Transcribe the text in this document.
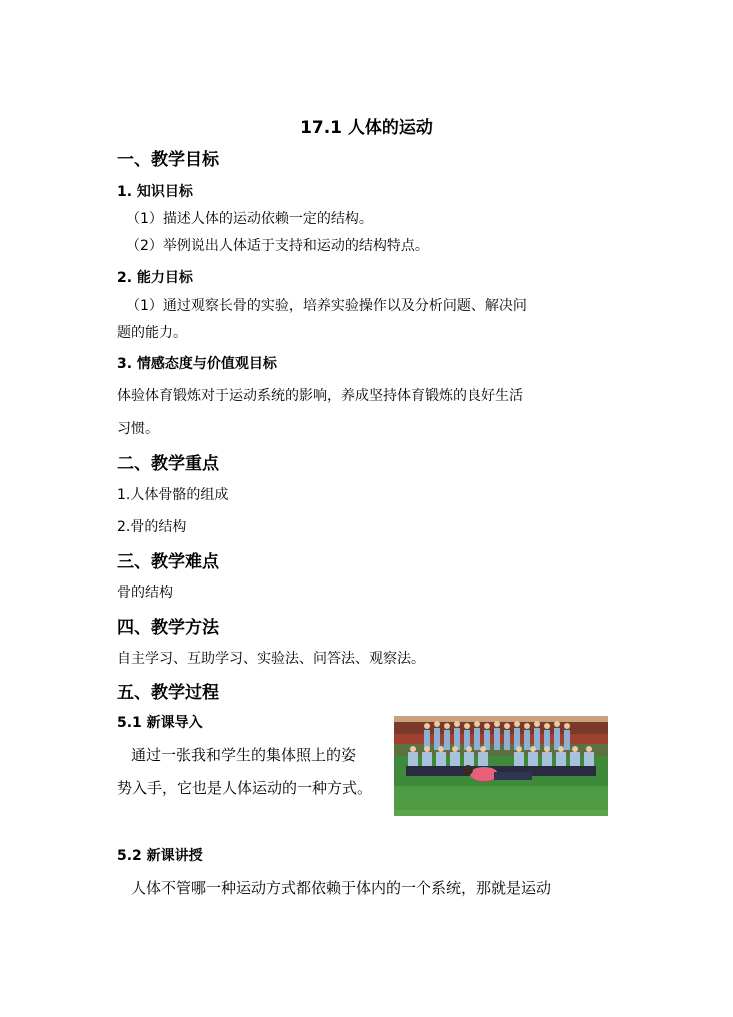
17.1 人体的运动
一、教学目标
1. 知识目标
（1）描述人体的运动依赖一定的结构。
（2）举例说出人体适于支持和运动的结构特点。
2. 能力目标
（1）通过观察长骨的实验，培养实验操作以及分析问题、解决问
题的能力。
3. 情感态度与价值观目标
体验体育锻炼对于运动系统的影响，养成坚持体育锻炼的良好生活
习惯。
二、教学重点
1.人体骨骼的组成
2.骨的结构
三、教学难点
骨的结构
四、教学方法
自主学习、互助学习、实验法、问答法、观察法。
五、教学过程
5.1 新课导入
通过一张我和学生的集体照上的姿
势入手，它也是人体运动的一种方式。
5.2 新课讲授
人体不管哪一种运动方式都依赖于体内的一个系统，那就是运动
